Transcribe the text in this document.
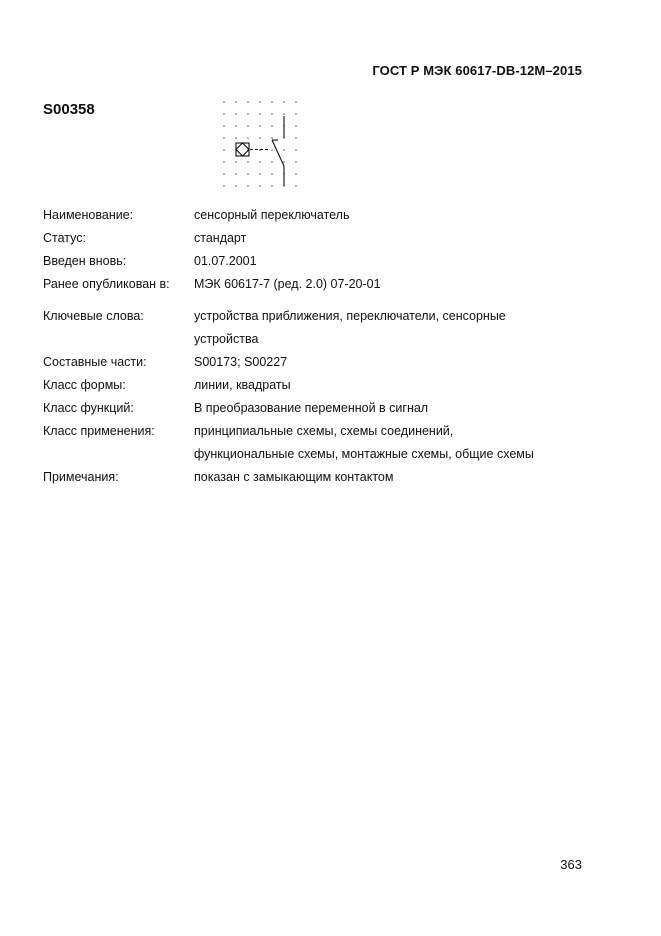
ГОСТ Р МЭК 60617-DB-12M–2015
S00358
Наименование:	сенсорный переключатель
Статус:	стандарт
Введен вновь:	01.07.2001
Ранее опубликован в:	МЭК 60617-7 (ред. 2.0) 07-20-01
Ключевые слова:	устройства приближения, переключатели, сенсорные устройства
Составные части:	S00173; S00227
Класс формы:	линии, квадраты
Класс функций:	В преобразование переменной в сигнал
Класс применения:	принципиальные схемы, схемы соединений, функциональные схемы, монтажные схемы, общие схемы
Примечания:	показан с замыкающим контактом
363
